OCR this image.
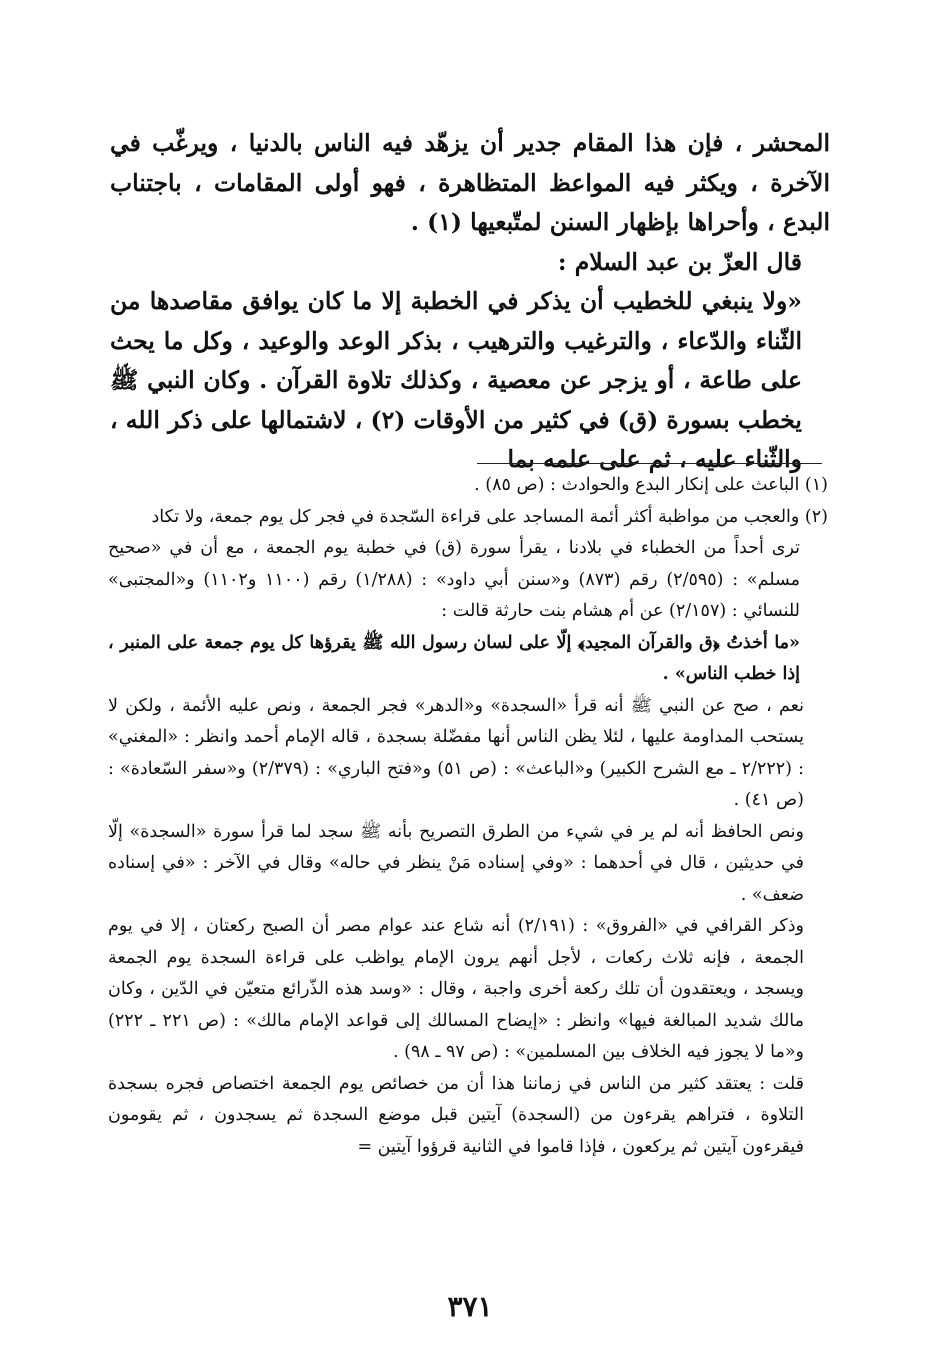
المحشر ، فإن هذا المقام جدير أن يزهّد فيه الناس بالدنيا ، ويرغّب في الآخرة ، ويكثر فيه المواعظ المتظاهرة ، فهو أولى المقامات ، باجتناب البدع ، وأحراها بإظهار السنن لمتّبعيها (١) .

قال العزّ بن عبد السلام :

«ولا ينبغي للخطيب أن يذكر في الخطبة إلا ما كان يوافق مقاصدها من الثّناء والدّعاء ، والترغيب والترهيب ، بذكر الوعد والوعيد ، وكل ما يحث على طاعة ، أو يزجر عن معصية ، وكذلك تلاوة القرآن . وكان النبي ﷺ يخطب بسورة (ق) في كثير من الأوقات (٢) ، لاشتمالها على ذكر الله ، والثّناء عليه ، ثم على علمه بما

(١) الباعث على إنكار البدع والحوادث : (ص ٨٥) .

(٢) والعجب من مواظبة أكثر أئمة المساجد على قراءة السّجدة في فجر كل يوم جمعة، ولا تكاد

ترى أحداً من الخطباء في بلادنا ، يقرأ سورة (ق) في خطبة يوم الجمعة ، مع أن في «صحيح مسلم» : (٢/٥٩٥) رقم (٨٧٣) و«سنن أبي داود» : (١/٢٨٨) رقم (١١٠٠ و١١٠٢) و«المجتبى» للنسائي : (٢/١٥٧) عن أم هشام بنت حارثة قالت :

«ما أخذتُ ﴿ق والقرآن المجيد﴾ إلّا على لسان رسول الله ﷺ يقرؤها كل يوم جمعة على المنبر ، إذا خطب الناس» .

نعم ، صح عن النبي ﷺ أنه قرأ «السجدة» و«الدهر» فجر الجمعة ، ونص عليه الأئمة ، ولكن لا يستحب المداومة عليها ، لئلا يظن الناس أنها مفضّلة بسجدة ، قاله الإمام أحمد وانظر : «المغني» : (٢/٢٢٢ ـ مع الشرح الكبير) و«الباعث» : (ص ٥١) و«فتح الباري» : (٢/٣٧٩) و«سفر السّعادة» : (ص ٤١) .

ونص الحافظ أنه لم ير في شيء من الطرق التصريح بأنه ﷺ سجد لما قرأ سورة «السجدة» إلّا في حديثين ، قال في أحدهما : «وفي إسناده مَنْ ينظر في حاله» وقال في الآخر : «في إسناده ضعف» .

وذكر القرافي في «الفروق» : (٢/١٩١) أنه شاع عند عوام مصر أن الصبح ركعتان ، إلا في يوم الجمعة ، فإنه ثلاث ركعات ، لأجل أنهم يرون الإمام يواظب على قراءة السجدة يوم الجمعة ويسجد ، ويعتقدون أن تلك ركعة أخرى واجبة ، وقال : «وسد هذه الذّرائع متعيّن في الدّين ، وكان مالك شديد المبالغة فيها» وانظر : «إيضاح المسالك إلى قواعد الإمام مالك» : (ص ٢٢١ ـ ٢٢٢) و«ما لا يجوز فيه الخلاف بين المسلمين» : (ص ٩٧ ـ ٩٨) .

قلت : يعتقد كثير من الناس في زماننا هذا أن من خصائص يوم الجمعة اختصاص فجره بسجدة التلاوة ، فتراهم يقرءون من (السجدة) آيتين قبل موضع السجدة ثم يسجدون ، ثم يقومون فيقرءون آيتين ثم يركعون ، فإذا قاموا في الثانية قرؤوا آيتين =

٣٧١
